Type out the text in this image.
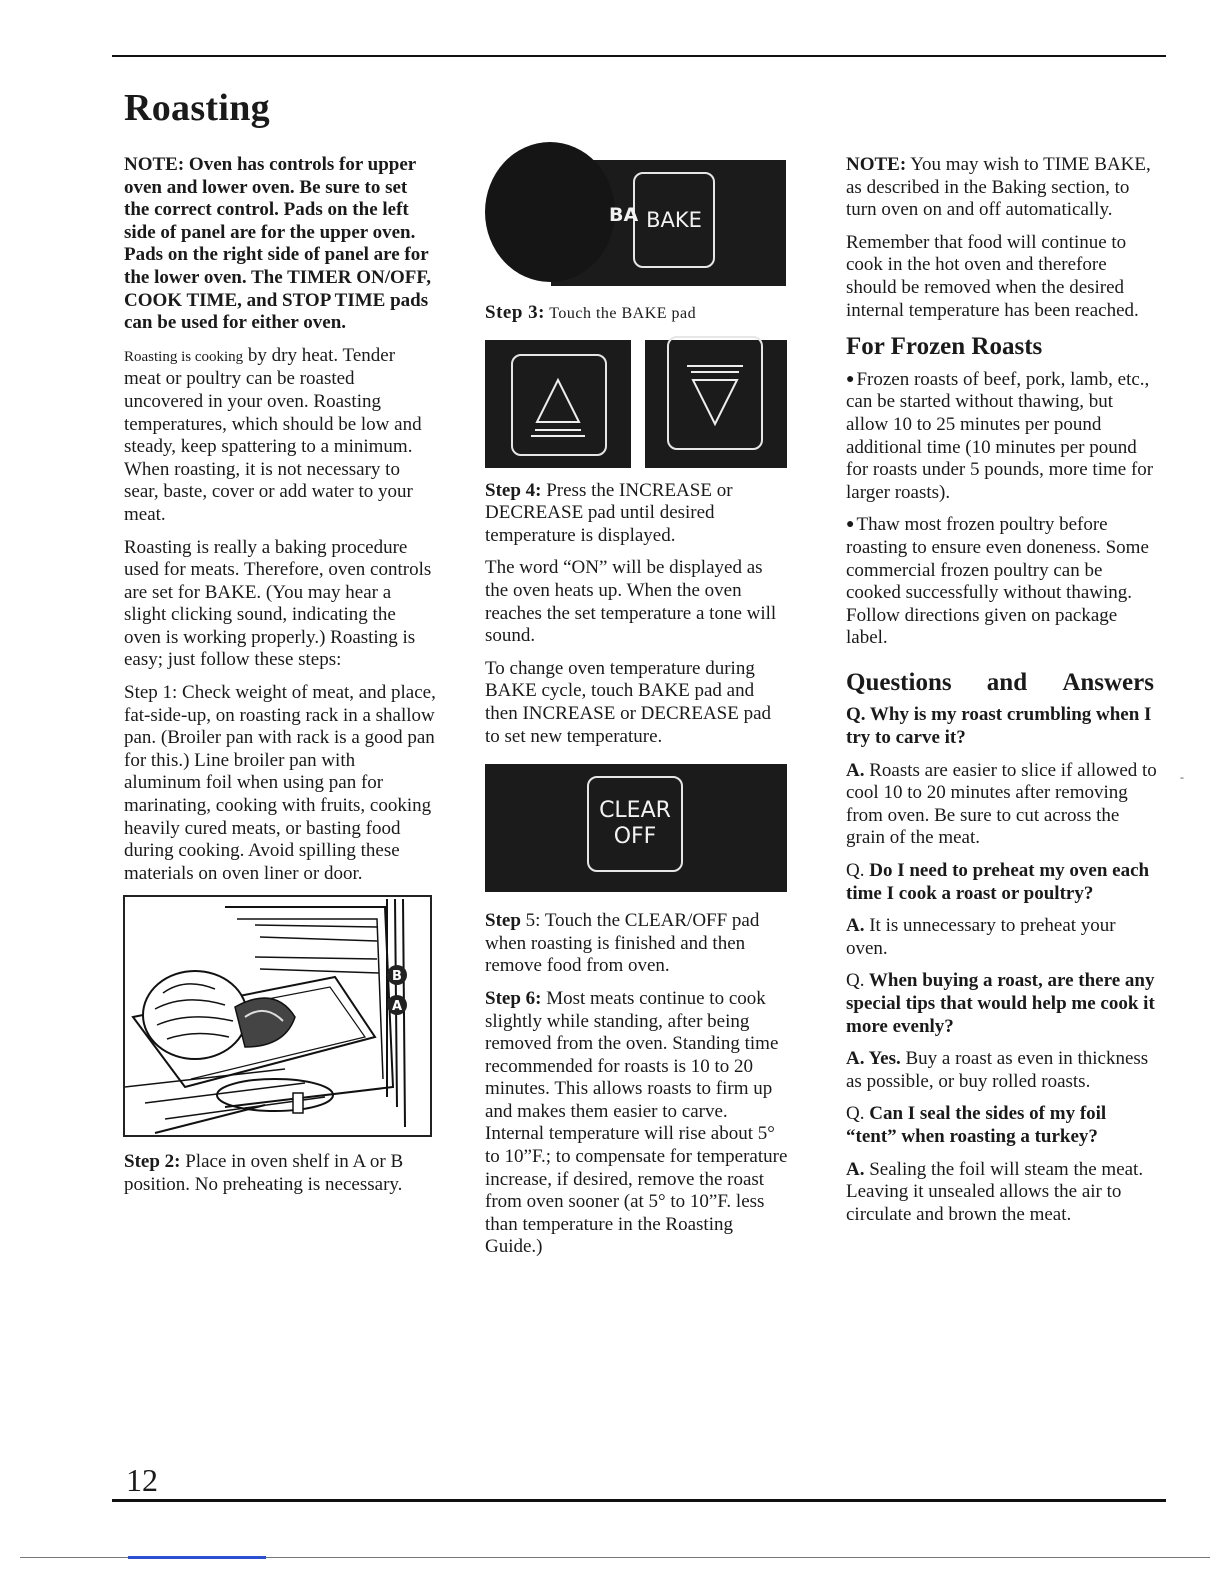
Roasting

NOTE: Oven has controls for upper oven and lower oven. Be sure to set the correct control. Pads on the left side of panel are for the upper oven. Pads on the right side of panel are for the lower oven. The TIMER ON/OFF, COOK TIME, and STOP TIME pads can be used for either oven.

Roasting is cooking by dry heat. Tender meat or poultry can be roasted uncovered in your oven. Roasting temperatures, which should be low and steady, keep spattering to a minimum. When roasting, it is not necessary to sear, baste, cover or add water to your meat.

Roasting is really a baking procedure used for meats. Therefore, oven controls are set for BAKE. (You may hear a slight clicking sound, indicating the oven is working properly.) Roasting is easy; just follow these steps:

Step 1: Check weight of meat, and place, fat-side-up, on roasting rack in a shallow pan. (Broiler pan with rack is a good pan for this.) Line broiler pan with aluminum foil when using pan for marinating, cooking with fruits, cooking heavily cured meats, or basting food during cooking. Avoid spilling these materials on oven liner or door.

B
A

Step 2: Place in oven shelf in A or B position. No preheating is necessary.

BAKE
BA

Step 3: Touch the BAKE pad

Step 4: Press the INCREASE or DECREASE pad until desired temperature is displayed.

The word “ON” will be displayed as the oven heats up. When the oven reaches the set temperature a tone will sound.

To change oven temperature during BAKE cycle, touch BAKE pad and then INCREASE or DECREASE pad to set new temperature.

CLEAR
OFF

Step 5: Touch the CLEAR/OFF pad when roasting is finished and then remove food from oven.

Step 6: Most meats continue to cook slightly while standing, after being removed from the oven. Standing time recommended for roasts is 10 to 20 minutes. This allows roasts to firm up and makes them easier to carve. Internal temperature will rise about 5° to 10”F.; to compensate for temperature increase, if desired, remove the roast from oven sooner (at 5° to 10”F. less than temperature in the Roasting Guide.)

NOTE: You may wish to TIME BAKE, as described in the Baking section, to turn oven on and off automatically.

Remember that food will continue to cook in the hot oven and therefore should be removed when the desired internal temperature has been reached.

For Frozen Roasts

● Frozen roasts of beef, pork, lamb, etc., can be started without thawing, but allow 10 to 25 minutes per pound additional time (10 minutes per pound for roasts under 5 pounds, more time for larger roasts).

● Thaw most frozen poultry before roasting to ensure even doneness. Some commercial frozen poultry can be cooked successfully without thawing. Follow directions given on package label.

Questions and Answers

Q. Why is my roast crumbling when I try to carve it?

A. Roasts are easier to slice if allowed to cool 10 to 20 minutes after removing from oven. Be sure to cut across the grain of the meat.

Q. Do I need to preheat my oven each time I cook a roast or poultry?

A. It is unnecessary to preheat your oven.

Q. When buying a roast, are there any special tips that would help me cook it more evenly?

A. Yes. Buy a roast as even in thickness as possible, or buy rolled roasts.

Q. Can I seal the sides of my foil “tent” when roasting a turkey?

A. Sealing the foil will steam the meat. Leaving it unsealed allows the air to circulate and brown the meat.

-
12
